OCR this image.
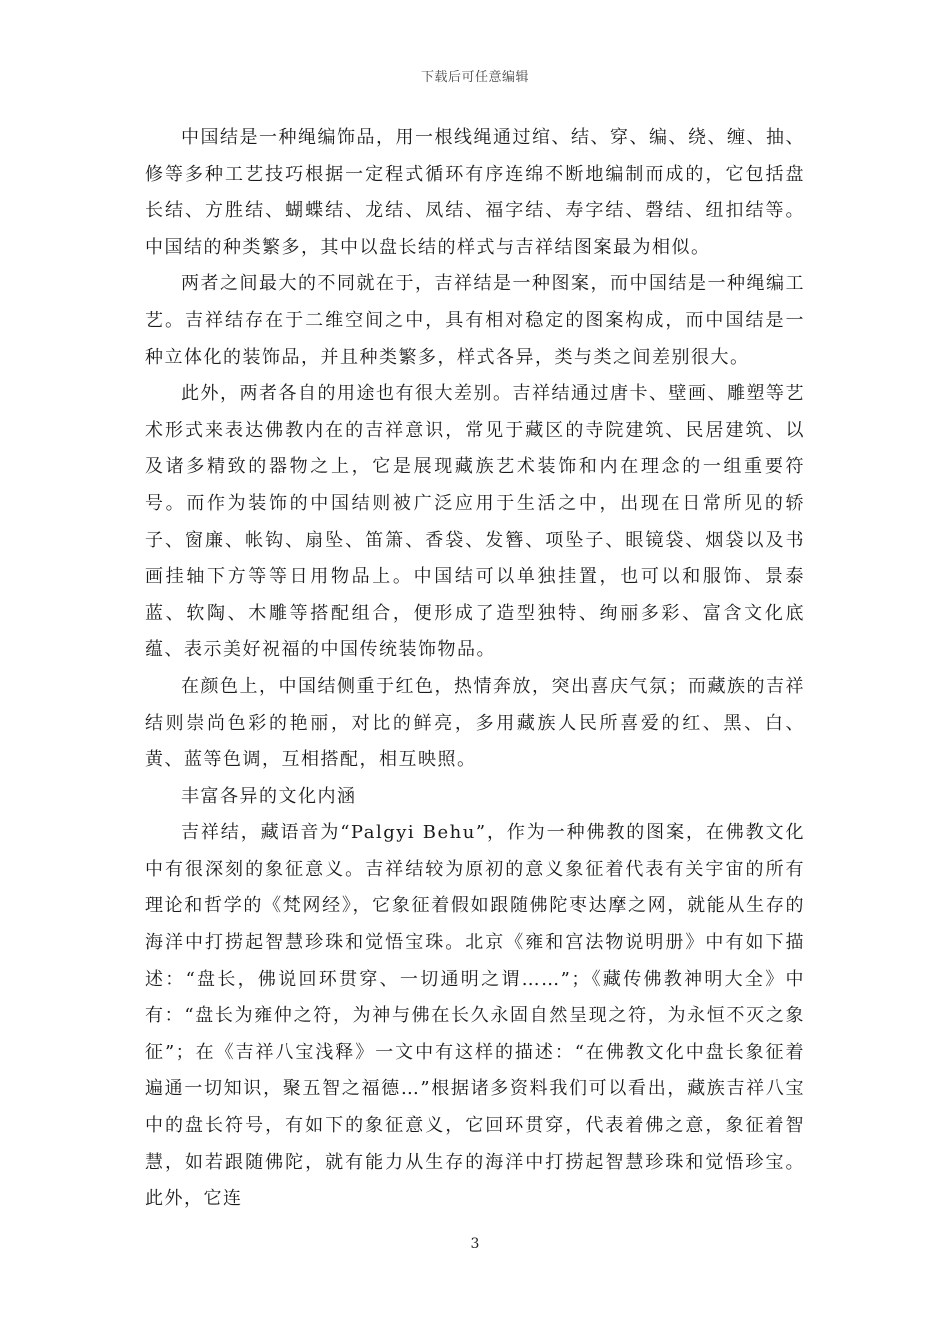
下载后可任意编辑

中国结是一种绳编饰品，用一根线绳通过绾、结、穿、编、绕、缠、抽、修等多种工艺技巧根据一定程式循环有序连绵不断地编制而成的，它包括盘长结、方胜结、蝴蝶结、龙结、凤结、福字结、寿字结、磬结、纽扣结等。中国结的种类繁多，其中以盘长结的样式与吉祥结图案最为相似。

两者之间最大的不同就在于，吉祥结是一种图案，而中国结是一种绳编工艺。吉祥结存在于二维空间之中，具有相对稳定的图案构成，而中国结是一种立体化的装饰品，并且种类繁多，样式各异，类与类之间差别很大。

此外，两者各自的用途也有很大差别。吉祥结通过唐卡、壁画、雕塑等艺术形式来表达佛教内在的吉祥意识，常见于藏区的寺院建筑、民居建筑、以及诸多精致的器物之上，它是展现藏族艺术装饰和内在理念的一组重要符号。而作为装饰的中国结则被广泛应用于生活之中，出现在日常所见的轿子、窗廉、帐钩、扇坠、笛箫、香袋、发簪、项坠子、眼镜袋、烟袋以及书画挂轴下方等等日用物品上。中国结可以单独挂置，也可以和服饰、景泰蓝、软陶、木雕等搭配组合，便形成了造型独特、绚丽多彩、富含文化底蕴、表示美好祝福的中国传统装饰物品。

在颜色上，中国结侧重于红色，热情奔放，突出喜庆气氛；而藏族的吉祥结则崇尚色彩的艳丽，对比的鲜亮，多用藏族人民所喜爱的红、黑、白、黄、蓝等色调，互相搭配，相互映照。

丰富各异的文化内涵

吉祥结，藏语音为“Palgyi Behu”，作为一种佛教的图案，在佛教文化中有很深刻的象征意义。吉祥结较为原初的意义象征着代表有关宇宙的所有理论和哲学的《梵网经》，它象征着假如跟随佛陀枣达摩之网，就能从生存的海洋中打捞起智慧珍珠和觉悟宝珠。北京《雍和宫法物说明册》中有如下描述：“盘长，佛说回环贯穿、一切通明之谓……”；《藏传佛教神明大全》中有：“盘长为雍仲之符，为神与佛在长久永固自然呈现之符，为永恒不灭之象征”；在《吉祥八宝浅释》一文中有这样的描述：“在佛教文化中盘长象征着遍通一切知识，聚五智之福德…”根据诸多资料我们可以看出，藏族吉祥八宝中的盘长符号，有如下的象征意义，它回环贯穿，代表着佛之意，象征着智慧，如若跟随佛陀，就有能力从生存的海洋中打捞起智慧珍珠和觉悟珍宝。此外，它连

3
